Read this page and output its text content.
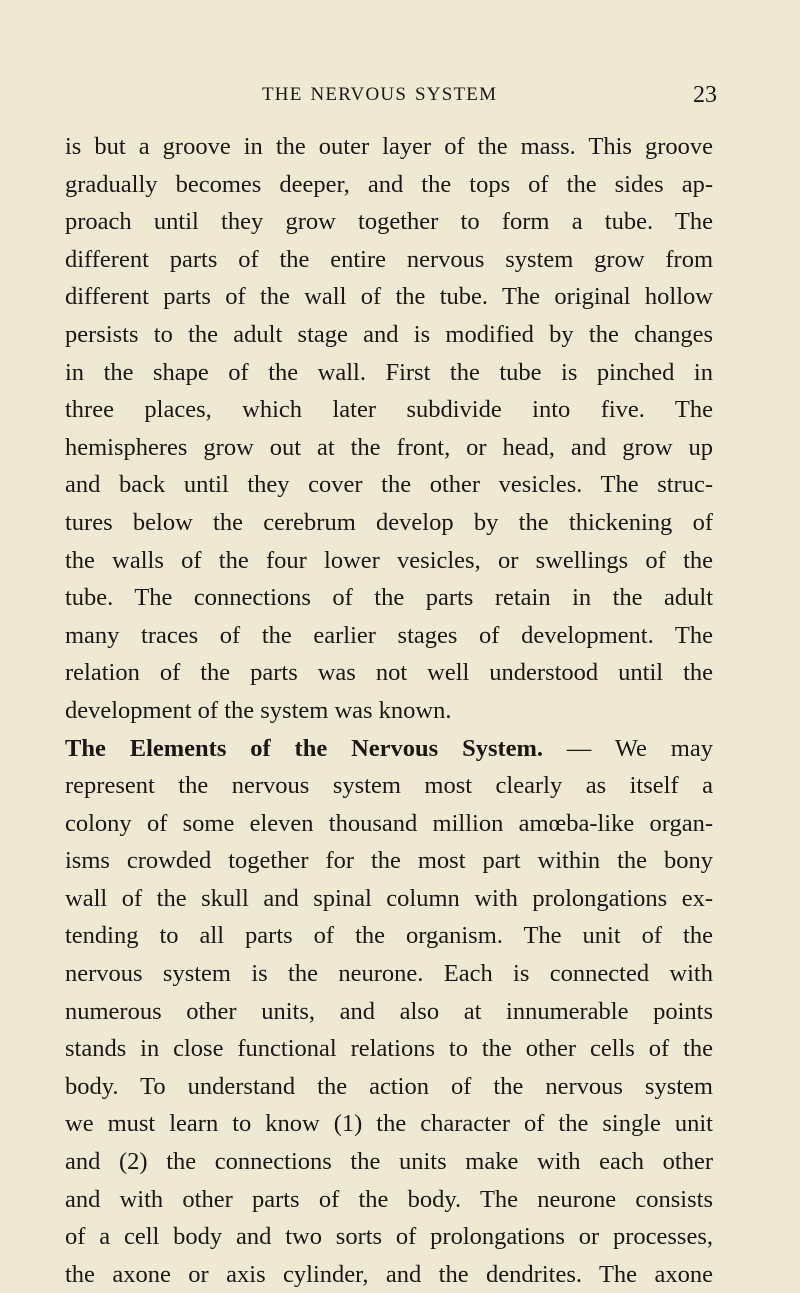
THE NERVOUS SYSTEM	23
is but a groove in the outer layer of the mass. This groove
gradually becomes deeper, and the tops of the sides ap-
proach until they grow together to form a tube. The
different parts of the entire nervous system grow from
different parts of the wall of the tube. The original hollow
persists to the adult stage and is modified by the changes
in the shape of the wall. First the tube is pinched in
three places, which later subdivide into five. The
hemispheres grow out at the front, or head, and grow up
and back until they cover the other vesicles. The struc-
tures below the cerebrum develop by the thickening of
the walls of the four lower vesicles, or swellings of the
tube. The connections of the parts retain in the adult
many traces of the earlier stages of development. The
relation of the parts was not well understood until the
development of the system was known.
The Elements of the Nervous System. — We may
represent the nervous system most clearly as itself a
colony of some eleven thousand million amœba-like organ-
isms crowded together for the most part within the bony
wall of the skull and spinal column with prolongations ex-
tending to all parts of the organism. The unit of the
nervous system is the neurone. Each is connected with
numerous other units, and also at innumerable points
stands in close functional relations to the other cells of the
body. To understand the action of the nervous system
we must learn to know (1) the character of the single unit
and (2) the connections the units make with each other
and with other parts of the body. The neurone consists
of a cell body and two sorts of prolongations or processes,
the axone or axis cylinder, and the dendrites. The axone
